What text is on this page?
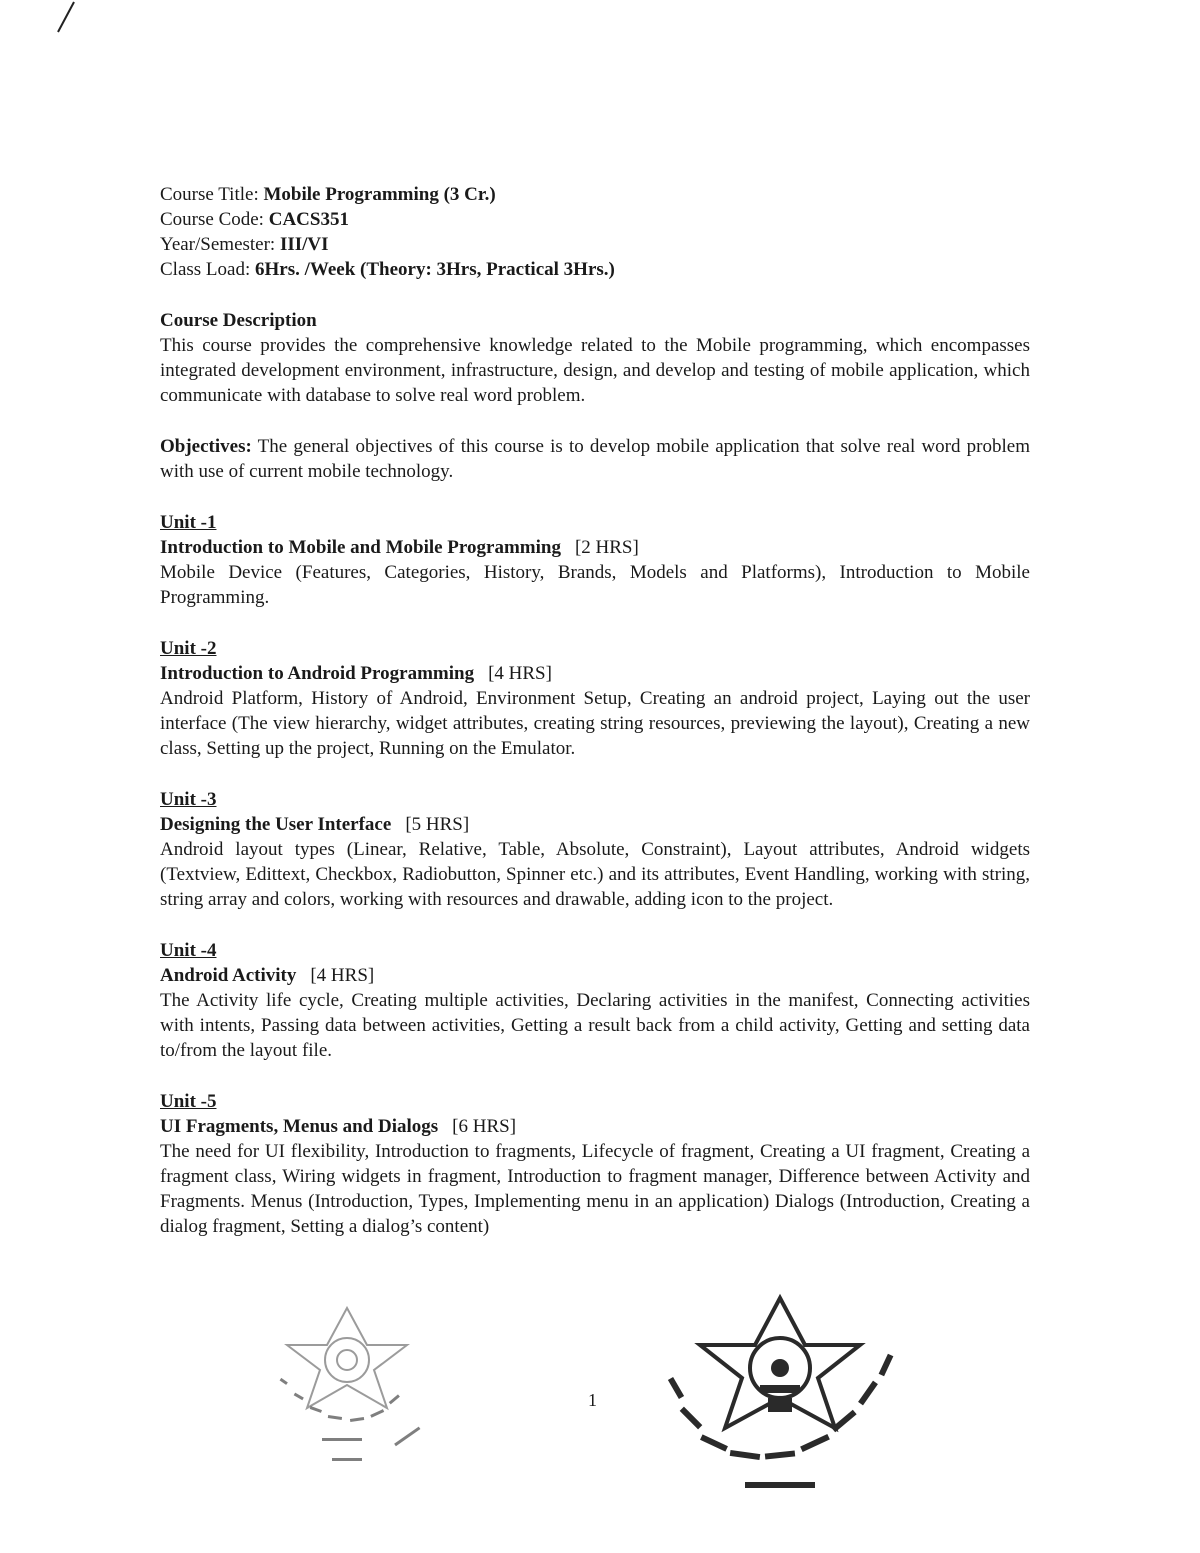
Course Title: Mobile Programming (3 Cr.)

Course Code: CACS351

Year/Semester: III/VI

Class Load: 6Hrs. /Week (Theory: 3Hrs, Practical 3Hrs.)

Course Description

This course provides the comprehensive knowledge related to the Mobile programming, which encompasses integrated development environment, infrastructure, design, and develop and testing of mobile application, which communicate with database to solve real word problem.

Objectives: The general objectives of this course is to develop mobile application that solve real word problem with use of current mobile technology.

Unit -1

Introduction to Mobile and Mobile Programming [2 HRS]

Mobile Device (Features, Categories, History, Brands, Models and Platforms), Introduction to Mobile Programming.

Unit -2

Introduction to Android Programming [4 HRS]

Android Platform, History of Android, Environment Setup, Creating an android project, Laying out the user interface (The view hierarchy, widget attributes, creating string resources, previewing the layout), Creating a new class, Setting up the project, Running on the Emulator.

Unit -3

Designing the User Interface [5 HRS]

Android layout types (Linear, Relative, Table, Absolute, Constraint), Layout attributes, Android widgets (Textview, Edittext, Checkbox, Radiobutton, Spinner etc.) and its attributes, Event Handling, working with string, string array and colors, working with resources and drawable, adding icon to the project.

Unit -4

Android Activity [4 HRS]

The Activity life cycle, Creating multiple activities, Declaring activities in the manifest, Connecting activities with intents, Passing data between activities, Getting a result back from a child activity, Getting and setting data to/from the layout file.

Unit -5

UI Fragments, Menus and Dialogs [6 HRS]

The need for UI flexibility, Introduction to fragments, Lifecycle of fragment, Creating a UI fragment, Creating a fragment class, Wiring widgets in fragment, Introduction to fragment manager, Difference between Activity and Fragments. Menus (Introduction, Types, Implementing menu in an application) Dialogs (Introduction, Creating a dialog fragment, Setting a dialog’s content)

1
